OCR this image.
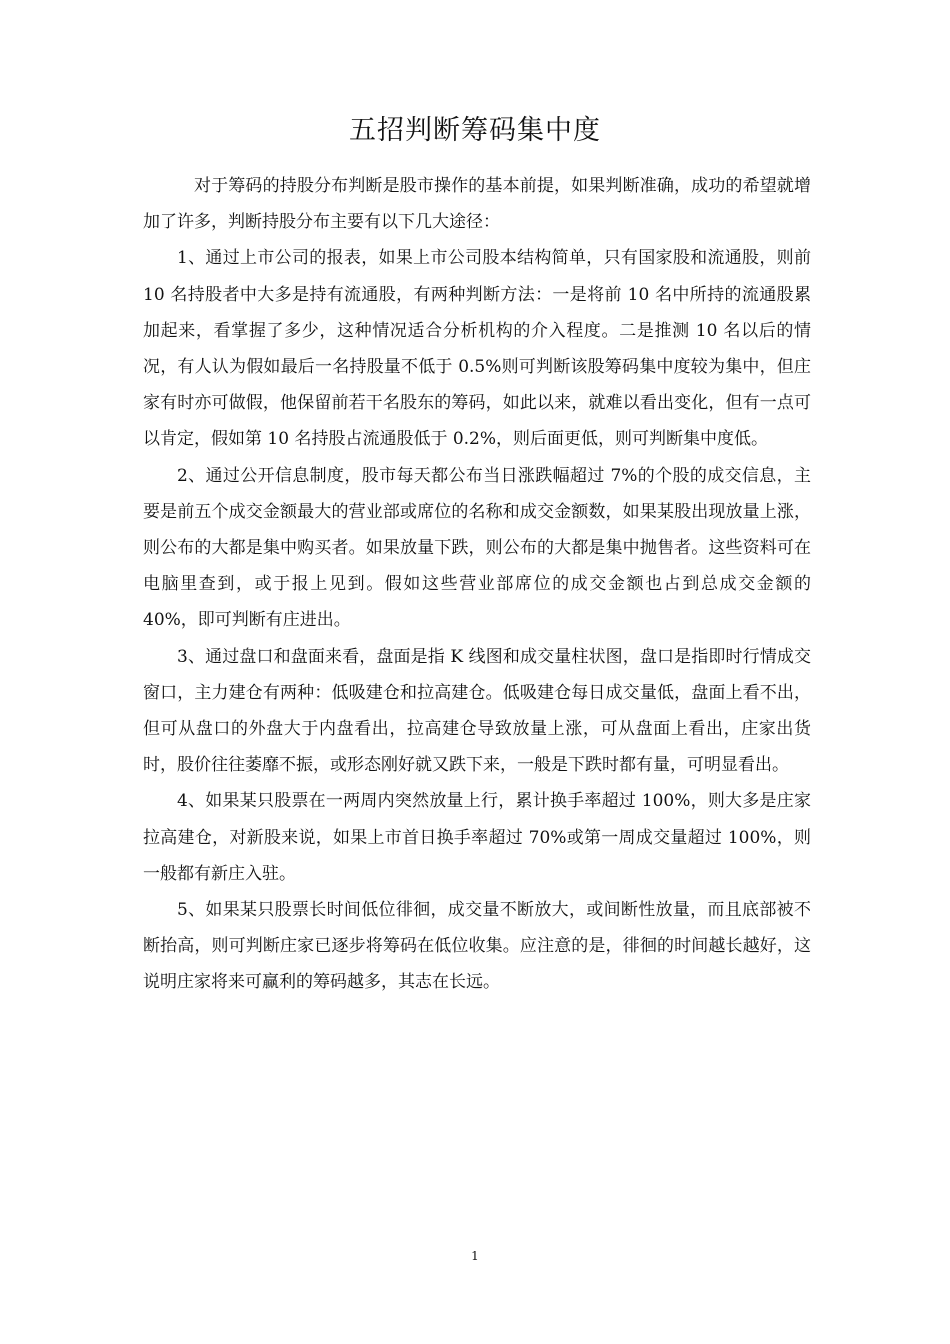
五招判断筹码集中度

对于筹码的持股分布判断是股市操作的基本前提，如果判断准确，成功的希望就增加了许多，判断持股分布主要有以下几大途径：

1、通过上市公司的报表，如果上市公司股本结构简单，只有国家股和流通股，则前 10 名持股者中大多是持有流通股，有两种判断方法：一是将前 10 名中所持的流通股累加起来，看掌握了多少，这种情况适合分析机构的介入程度。二是推测 10 名以后的情况，有人认为假如最后一名持股量不低于 0.5%则可判断该股筹码集中度较为集中，但庄家有时亦可做假，他保留前若干名股东的筹码，如此以来，就难以看出变化，但有一点可以肯定，假如第 10 名持股占流通股低于 0.2%，则后面更低，则可判断集中度低。

2、通过公开信息制度，股市每天都公布当日涨跌幅超过 7%的个股的成交信息，主要是前五个成交金额最大的营业部或席位的名称和成交金额数，如果某股出现放量上涨，则公布的大都是集中购买者。如果放量下跌，则公布的大都是集中抛售者。这些资料可在电脑里查到，或于报上见到。假如这些营业部席位的成交金额也占到总成交金额的 40%，即可判断有庄进出。

3、通过盘口和盘面来看，盘面是指 K 线图和成交量柱状图，盘口是指即时行情成交窗口，主力建仓有两种：低吸建仓和拉高建仓。低吸建仓每日成交量低，盘面上看不出，但可从盘口的外盘大于内盘看出，拉高建仓导致放量上涨，可从盘面上看出，庄家出货时，股价往往萎靡不振，或形态刚好就又跌下来，一般是下跌时都有量，可明显看出。

4、如果某只股票在一两周内突然放量上行，累计换手率超过 100%，则大多是庄家拉高建仓，对新股来说，如果上市首日换手率超过 70%或第一周成交量超过 100%，则一般都有新庄入驻。

5、如果某只股票长时间低位徘徊，成交量不断放大，或间断性放量，而且底部被不断抬高，则可判断庄家已逐步将筹码在低位收集。应注意的是，徘徊的时间越长越好，这说明庄家将来可赢利的筹码越多，其志在长远。

1
